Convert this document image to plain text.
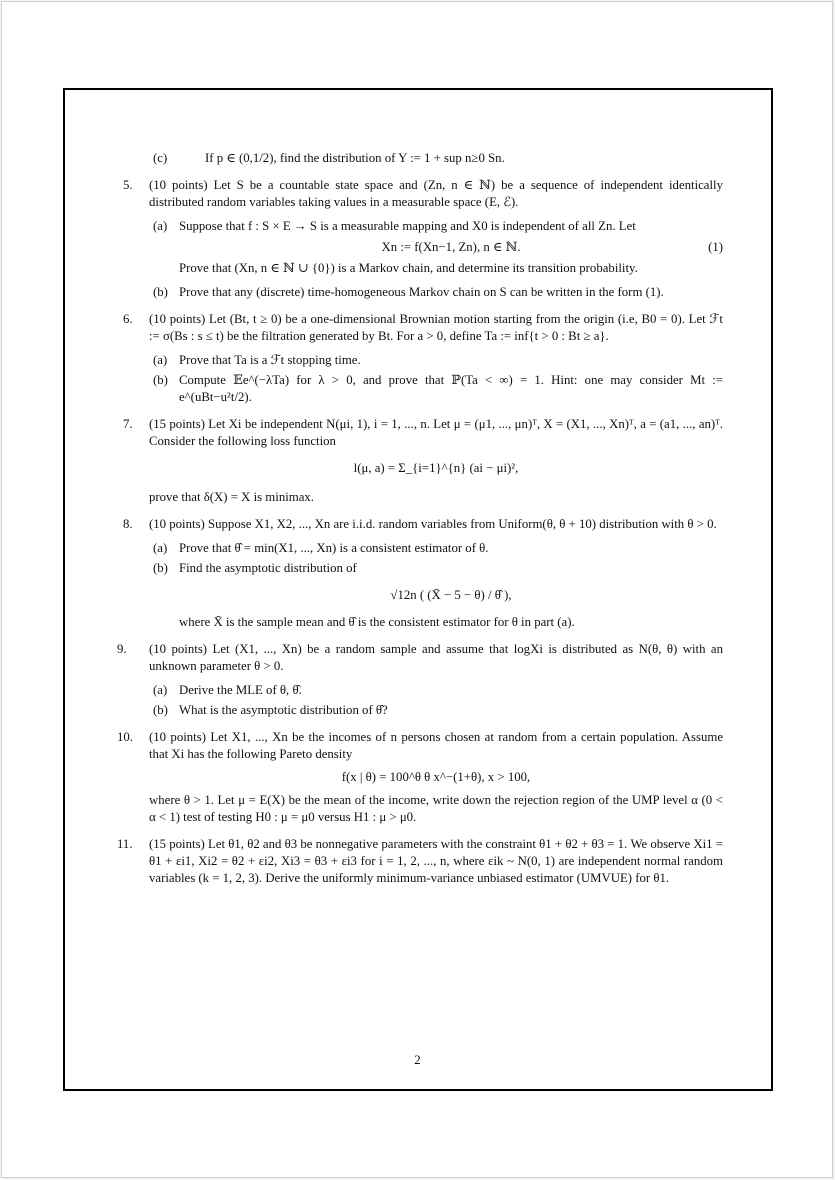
(c)	If p ∈ (0,1/2), find the distribution of Y := 1 + sup n≥0 Sn.

5. (10 points) Let S be a countable state space and (Zn, n ∈ ℕ) be a sequence of independent identically distributed random variables taking values in a measurable space (E, ℰ).

(a) Suppose that f : S × E → S is a measurable mapping and X0 is independent of all Zn. Let

Xn := f(Xn−1, Zn), n ∈ ℕ.	(1)

Prove that (Xn, n ∈ ℕ ∪ {0}) is a Markov chain, and determine its transition probability.

(b) Prove that any (discrete) time-homogeneous Markov chain on S can be written in the form (1).

6. (10 points) Let (Bt, t ≥ 0) be a one-dimensional Brownian motion starting from the origin (i.e, B0 = 0). Let ℱt := σ(Bs : s ≤ t) be the filtration generated by Bt. For a > 0, define Ta := inf{t > 0 : Bt ≥ a}.

(a) Prove that Ta is a ℱt stopping time.

(b) Compute 𝔼e^(−λTa) for λ > 0, and prove that ℙ(Ta < ∞) = 1. Hint: one may consider Mt := e^(uBt−u²t/2).

7. (15 points) Let Xi be independent N(μi, 1), i = 1, ..., n. Let μ = (μ1, ..., μn)ᵀ, X = (X1, ..., Xn)ᵀ, a = (a1, ..., an)ᵀ. Consider the following loss function

l(μ, a) = Σ_{i=1}^{n} (ai − μi)²,

prove that δ(X) = X is minimax.

8. (10 points) Suppose X1, X2, ..., Xn are i.i.d. random variables from Uniform(θ, θ + 10) distribution with θ > 0.

(a) Prove that θ̂ = min(X1, ..., Xn) is a consistent estimator of θ.

(b) Find the asymptotic distribution of

√12n ( (X̄ − 5 − θ) / θ̂ ),

where X̄ is the sample mean and θ̂ is the consistent estimator for θ in part (a).

9. (10 points) Let (X1, ..., Xn) be a random sample and assume that logXi is distributed as N(θ, θ) with an unknown parameter θ > 0.

(a) Derive the MLE of θ, θ̂.

(b) What is the asymptotic distribution of θ̂?

10. (10 points) Let X1, ..., Xn be the incomes of n persons chosen at random from a certain population. Assume that Xi has the following Pareto density

f(x | θ) = 100^θ θ x^−(1+θ), x > 100,

where θ > 1. Let μ = E(X) be the mean of the income, write down the rejection region of the UMP level α (0 < α < 1) test of testing H0 : μ = μ0 versus H1 : μ > μ0.

11. (15 points) Let θ1, θ2 and θ3 be nonnegative parameters with the constraint θ1 + θ2 + θ3 = 1. We observe Xi1 = θ1 + εi1, Xi2 = θ2 + εi2, Xi3 = θ3 + εi3 for i = 1, 2, ..., n, where εik ~ N(0, 1) are independent normal random variables (k = 1, 2, 3). Derive the uniformly minimum-variance unbiased estimator (UMVUE) for θ1.

2
